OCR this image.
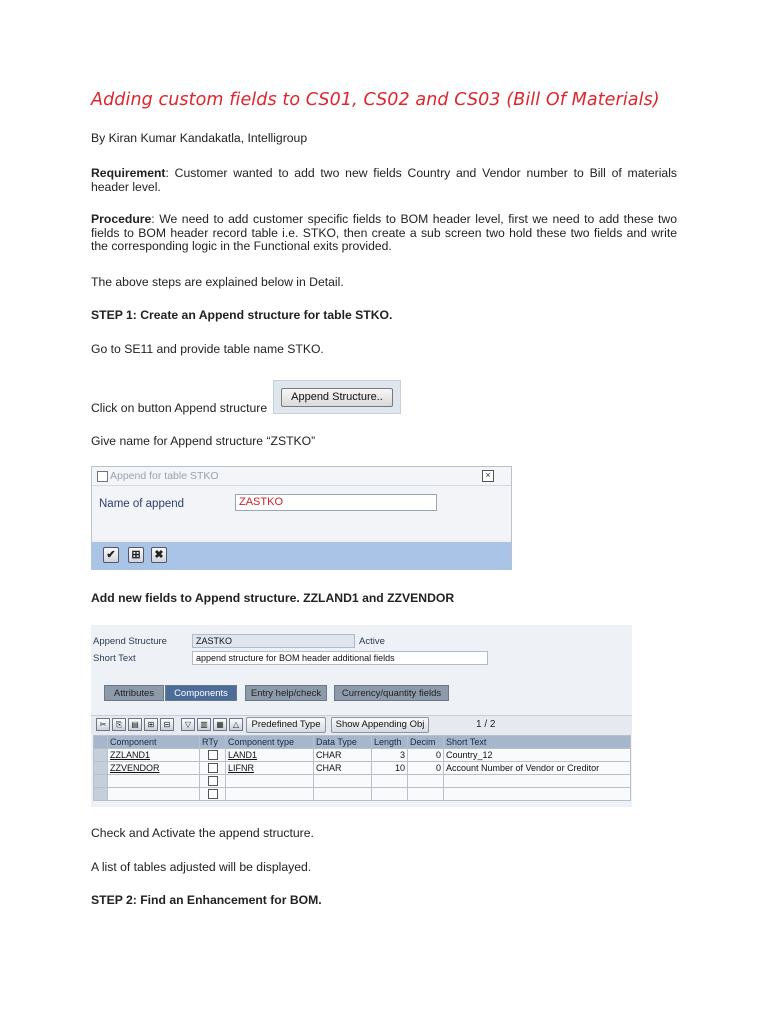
Adding custom fields to CS01, CS02 and CS03 (Bill Of Materials)
By Kiran Kumar Kandakatla, Intelligroup
Requirement: Customer wanted to add two new fields Country and Vendor number to Bill of materials header level.
Procedure: We need to add customer specific fields to BOM header level, first we need to add these two fields to BOM header record table i.e. STKO, then create a sub screen two hold these two fields and write the corresponding logic in the Functional exits provided.
The above steps are explained below in Detail.
STEP 1: Create an Append structure for table STKO.
Go to SE11 and provide table name STKO.
Click on button Append structure
Append Structure..
Give name for Append structure “ZSTKO”
Append for table STKO	×
Name of append	ZASTKO
✔	⊞	✖
Add new fields to Append structure. ZZLAND1 and ZZVENDOR
Append Structure	ZASTKO	Active
Short Text	append structure for BOM header additional fields
Attributes	Components	Entry help/check	Currency/quantity fields
✂	⎘	▤	⊞	⊟	▽	▥	▦	△	Predefined Type	Show Appending Obj	1 / 2
	Component	RTy	Component type	Data Type	Length	Decim	Short Text
	ZZLAND1		LAND1	CHAR	3	0	Country_12
	ZZVENDOR		LIFNR	CHAR	10	0	Account Number of Vendor or Creditor

Check and Activate the append structure.
A list of tables adjusted will be displayed.
STEP 2: Find an Enhancement for BOM.
